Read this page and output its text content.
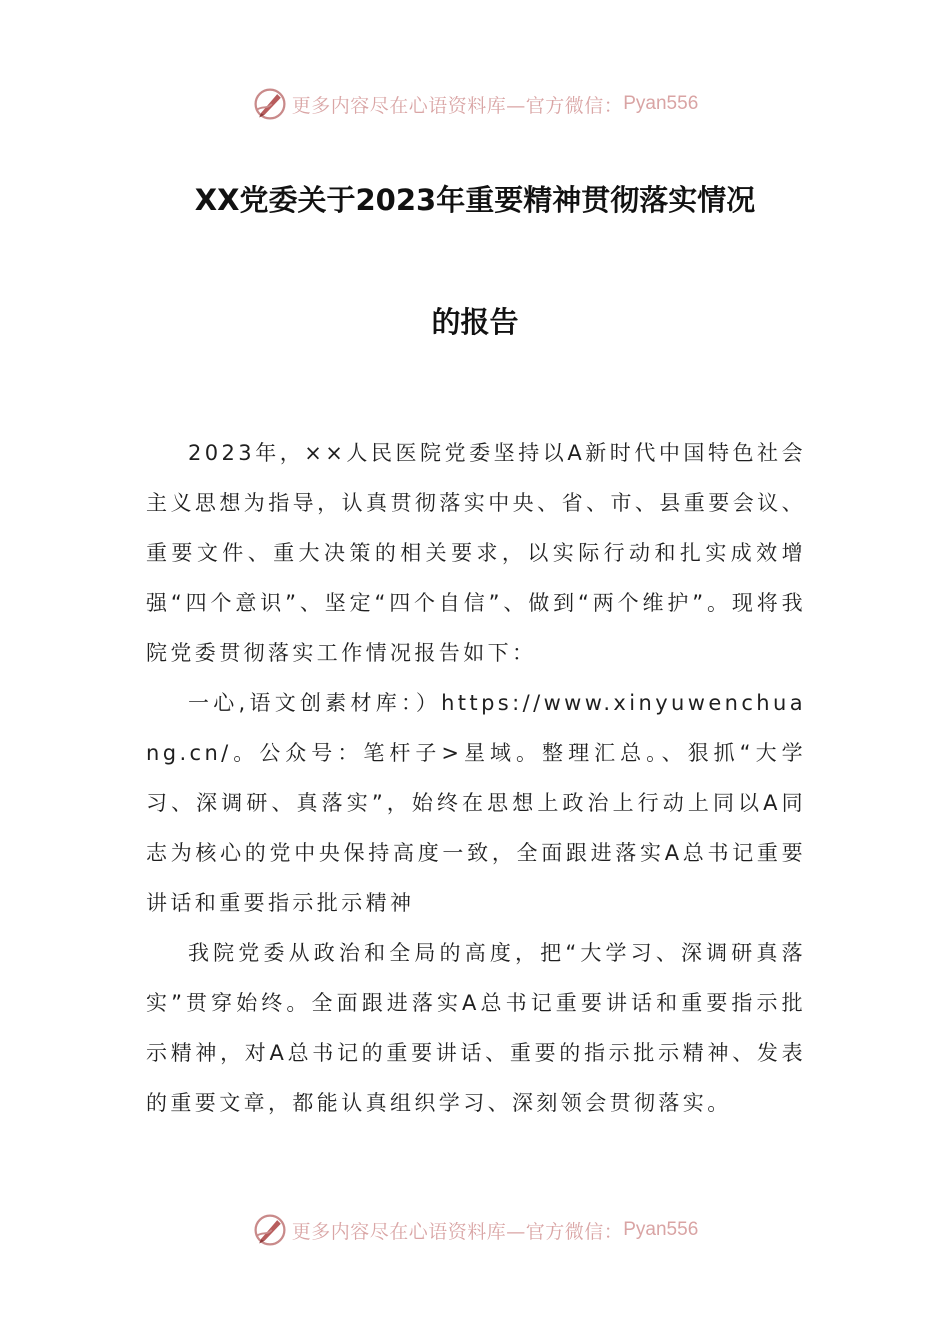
更多内容尽在心语资料库—官方微信： Pyan556
XX党委关于2023年重要精神贯彻落实情况
的报告

2023年，××人民医院党委坚持以A新时代中国特色社会主义思想为指导，认真贯彻落实中央、省、市、县重要会议、重要文件、重大决策的相关要求，以实际行动和扎实成效增强“四个意识”、坚定“四个自信”、做到“两个维护”。现将我院党委贯彻落实工作情况报告如下：

一心,语文创素材库：）https://www.xinyuwenchuang.cn/。公众号：笔杆子>星域。整理汇总。、狠抓“大学习、深调研、真落实”，始终在思想上政治上行动上同以A同志为核心的党中央保持高度一致，全面跟进落实A总书记重要讲话和重要指示批示精神

我院党委从政治和全局的高度，把“大学习、深调研真落实”贯穿始终。全面跟进落实A总书记重要讲话和重要指示批示精神，对A总书记的重要讲话、重要的指示批示精神、发表的重要文章，都能认真组织学习、深刻领会贯彻落实。

更多内容尽在心语资料库—官方微信： Pyan556
